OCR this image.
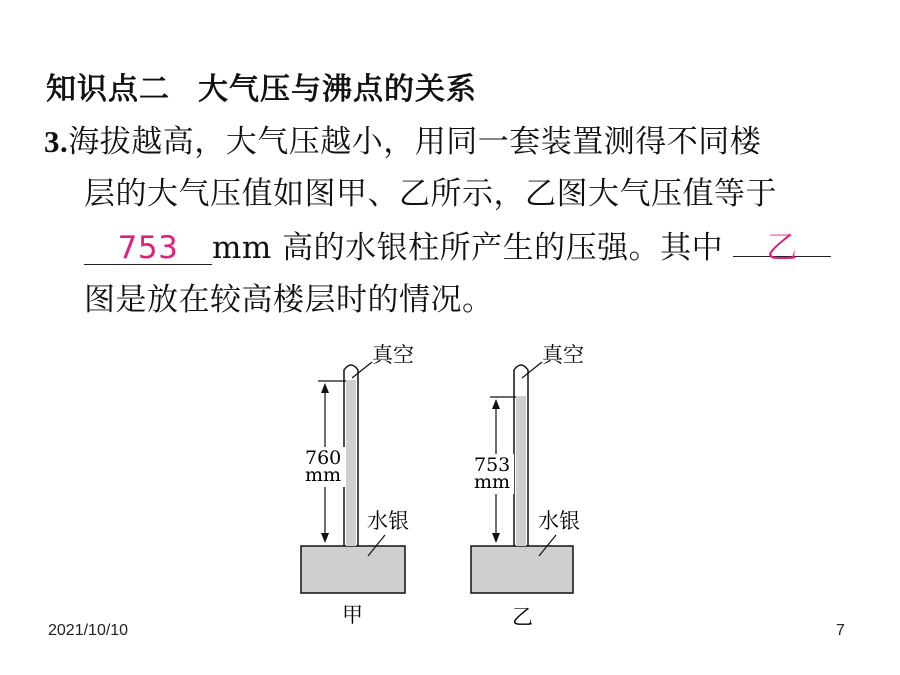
知识点二 大气压与沸点的关系
3.海拔越高，大气压越小，用同一套装置测得不同楼
层的大气压值如图甲、乙所示，乙图大气压值等于
753 mm 高的水银柱所产生的压强。其中 乙
图是放在较高楼层时的情况。
真空
760
mm
水银
甲
真空
753
mm
水银
乙
2021/10/10	7
